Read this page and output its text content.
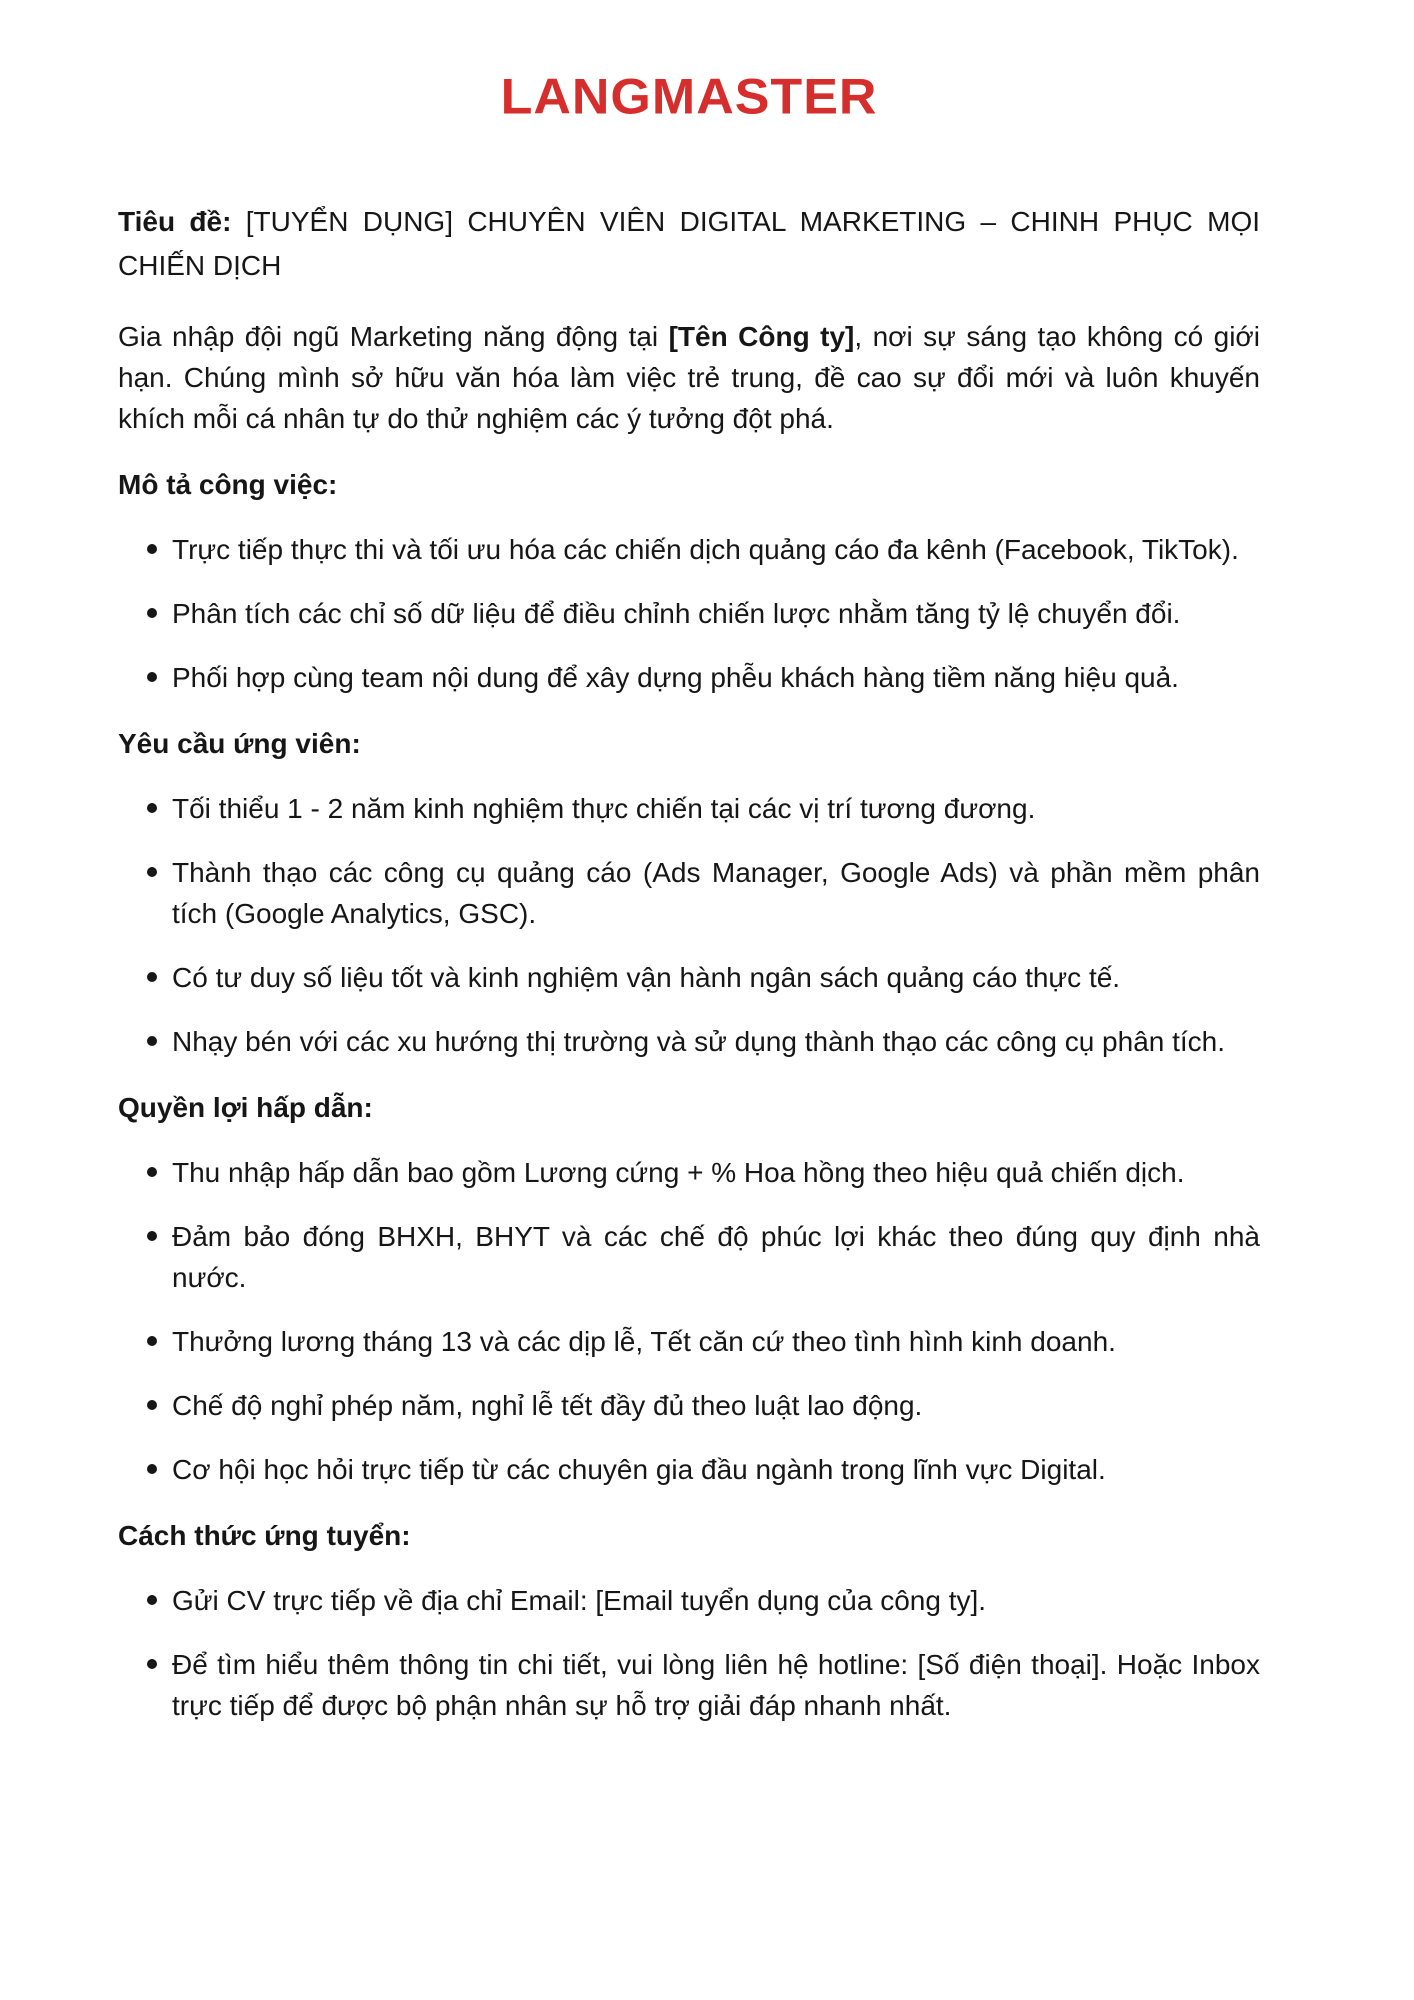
LANGMASTER

Tiêu đề: [TUYỂN DỤNG] CHUYÊN VIÊN DIGITAL MARKETING – CHINH PHỤC MỌI CHIẾN DỊCH

Gia nhập đội ngũ Marketing năng động tại [Tên Công ty], nơi sự sáng tạo không có giới hạn. Chúng mình sở hữu văn hóa làm việc trẻ trung, đề cao sự đổi mới và luôn khuyến khích mỗi cá nhân tự do thử nghiệm các ý tưởng đột phá.

Mô tả công việc:
Trực tiếp thực thi và tối ưu hóa các chiến dịch quảng cáo đa kênh (Facebook, TikTok).
Phân tích các chỉ số dữ liệu để điều chỉnh chiến lược nhằm tăng tỷ lệ chuyển đổi.
Phối hợp cùng team nội dung để xây dựng phễu khách hàng tiềm năng hiệu quả.
Yêu cầu ứng viên:
Tối thiểu 1 - 2 năm kinh nghiệm thực chiến tại các vị trí tương đương.
Thành thạo các công cụ quảng cáo (Ads Manager, Google Ads) và phần mềm phân tích (Google Analytics, GSC).
Có tư duy số liệu tốt và kinh nghiệm vận hành ngân sách quảng cáo thực tế.
Nhạy bén với các xu hướng thị trường và sử dụng thành thạo các công cụ phân tích.
Quyền lợi hấp dẫn:
Thu nhập hấp dẫn bao gồm Lương cứng + % Hoa hồng theo hiệu quả chiến dịch.
Đảm bảo đóng BHXH, BHYT và các chế độ phúc lợi khác theo đúng quy định nhà nước.
Thưởng lương tháng 13 và các dịp lễ, Tết căn cứ theo tình hình kinh doanh.
Chế độ nghỉ phép năm, nghỉ lễ tết đầy đủ theo luật lao động.
Cơ hội học hỏi trực tiếp từ các chuyên gia đầu ngành trong lĩnh vực Digital.
Cách thức ứng tuyển:
Gửi CV trực tiếp về địa chỉ Email: [Email tuyển dụng của công ty].
Để tìm hiểu thêm thông tin chi tiết, vui lòng liên hệ hotline: [Số điện thoại]. Hoặc Inbox trực tiếp để được bộ phận nhân sự hỗ trợ giải đáp nhanh nhất.
